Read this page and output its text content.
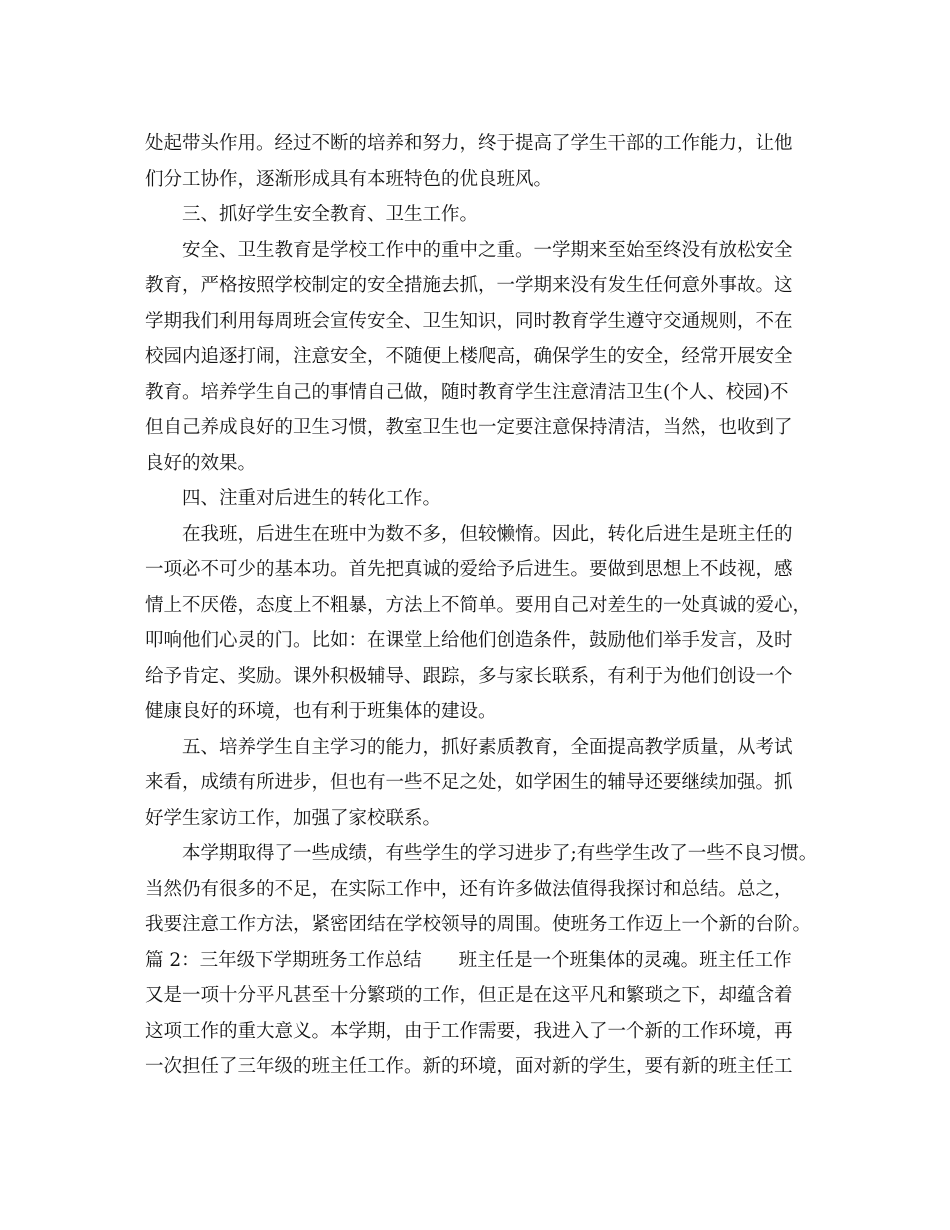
处起带头作用。经过不断的培养和努力，终于提高了学生干部的工作能力，让他
们分工协作，逐渐形成具有本班特色的优良班风。
三、抓好学生安全教育、卫生工作。
安全、卫生教育是学校工作中的重中之重。一学期来至始至终没有放松安全
教育，严格按照学校制定的安全措施去抓，一学期来没有发生任何意外事故。这
学期我们利用每周班会宣传安全、卫生知识，同时教育学生遵守交通规则，不在
校园内追逐打闹，注意安全，不随便上楼爬高，确保学生的安全，经常开展安全
教育。培养学生自己的事情自己做，随时教育学生注意清洁卫生(个人、校园)不
但自己养成良好的卫生习惯，教室卫生也一定要注意保持清洁，当然，也收到了
良好的效果。
四、注重对后进生的转化工作。
在我班，后进生在班中为数不多，但较懒惰。因此，转化后进生是班主任的
一项必不可少的基本功。首先把真诚的爱给予后进生。要做到思想上不歧视，感
情上不厌倦，态度上不粗暴，方法上不简单。要用自己对差生的一处真诚的爱心，
叩响他们心灵的门。比如：在课堂上给他们创造条件，鼓励他们举手发言，及时
给予肯定、奖励。课外积极辅导、跟踪，多与家长联系，有利于为他们创设一个
健康良好的环境，也有利于班集体的建设。
五、培养学生自主学习的能力，抓好素质教育，全面提高教学质量，从考试
来看，成绩有所进步，但也有一些不足之处，如学困生的辅导还要继续加强。抓
好学生家访工作，加强了家校联系。
本学期取得了一些成绩，有些学生的学习进步了;有些学生改了一些不良习惯。
当然仍有很多的不足，在实际工作中，还有许多做法值得我探讨和总结。总之，
我要注意工作方法，紧密团结在学校领导的周围。使班务工作迈上一个新的台阶。
篇 2：三年级下学期班务工作总结　　班主任是一个班集体的灵魂。班主任工作
又是一项十分平凡甚至十分繁琐的工作，但正是在这平凡和繁琐之下，却蕴含着
这项工作的重大意义。本学期，由于工作需要，我进入了一个新的工作环境，再
一次担任了三年级的班主任工作。新的环境，面对新的学生，要有新的班主任工
